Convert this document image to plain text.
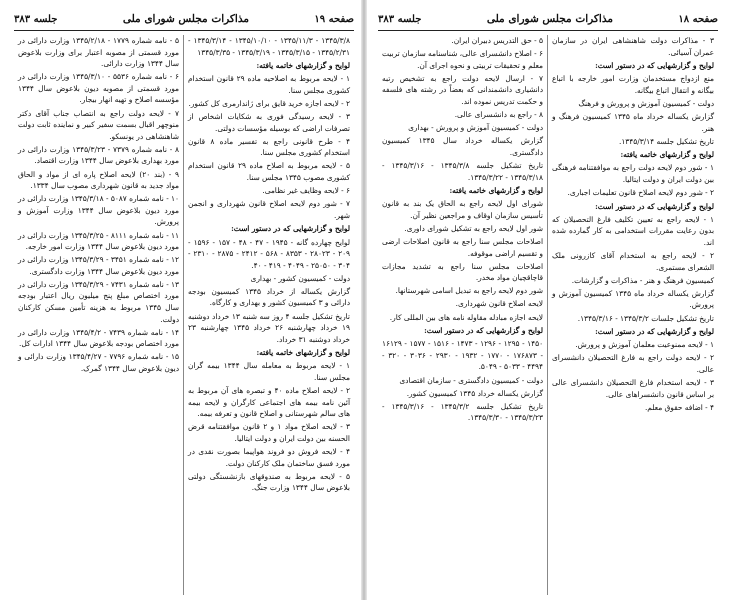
صفحه ۱۹
مذاکرات مجلس شورای ملی
جلسه ۳۸۳

۱۳۴۵/۳/۸ - ۱۳۴۵/۱۱/۳ - ۱۳۴۵/۱۰/۱۰ - ۱۳۴۵/۳/۱۴ - ۱۳۴۵/۲/۳۱ - ۱۳۴۵/۳/۱۵ - ۱۳۴۵/۳/۱۹ - ۱۳۴۵/۳/۳۵

لوایح و گزارشهای خاتمه یافته:

۱ - لایحه مربوط به اصلاحیه ماده ۲۹ قانون استخدام کشوری مجلس سنا.

۲ - لایحه اجازه خرید قایق برای ژاندارمری کل کشور.

۳ - لایحه رسیدگی فوری به شکایات اشخاص از تصرفات اراضی که بوسیله مؤسسات دولتی.

۴ - طرح قانونی راجع به تفسیر ماده ۸ قانون استخدام کشوری مجلس سنا.

۵ - لایحه مربوط به اصلاح ماده ۲۹ قانون استخدام کشوری مصوب ۱۳۴۵ مجلس سنا.

۶ - لایحه وظایف غیر نظامی.

۷ - شور دوم لایحه اصلاح قانون شهرداری و انجمن شهر.

لوایح و گزارشهایی که در دستور است:

لوایح چهارده گانه - ۱۹۴۵ - ۴۷ - ۴۸ - ۱۵۷ - ۱۵۹۶ - ۲۰۹ - ۲۸۰۲۳ - ۸۳۵۳ - ۵۶۸ - ۲۴۱۲ - ۲۸۷۵ - ۲۳۱۰ - ۳۰۴ - ۲۵۰۵۰ - ۴۰۴۹ - ۴۱۹ - ۴۰.

دولت - کمیسیون کشور - بهداری

گزارش یکساله از خرداد ۱۳۴۵ کمیسیون بودجه دارائی و ۳ کمیسیون کشور و بهداری و کارگاه.

تاریخ تشکیل جلسه ۴ روز سه شنبه ۱۳ خرداد دوشنبه ۱۹ خرداد چهارشنبه ۲۶ خرداد ۱۳۴۵ چهارشنبه ۲۳ خرداد دوشنبه ۳۱ خرداد.

لوایح و گزارشهای خاتمه یافته:

۱ - لایحه مربوط به معامله سال ۱۳۴۴ بیمه گران مجلس سنا.

۲ - لایحه اصلاح ماده ۴۰ و تبصره های آن مربوط به آئین نامه بیمه های اجتماعی کارگران و لایحه بیمه های سالم شهرستانی و اصلاح قانون و تعرفه بیمه.

۳ - لایحه اصلاح مواد ۱ و ۲ قانون موافقتنامه قرض الحسنه بین دولت ایران و دولت ایتالیا.

۴ - لایحه فروش دو فروند هواپیما بصورت نقدی در مورد فسق ساختمان ملک کارکنان دولت.

۵ - لایحه مربوط به صندوقهای بازنشستگی دولتی بلاعوض سال ۱۳۴۴ وزارت جنگ.

۵ - نامه شماره ۱۷۷۹ - ۱۳۴۵/۲/۱۸ وزارت دارائی در مورد قسمتی از مصوبه اعتبار برای وزارت بلاعوض سال ۱۳۴۴ وزارت دارائی.

۶ - نامه شماره ۵۵۳۶ - ۱۳۴۵/۳/۱۰ وزارت دارائی در مورد قسمتی از مصوبه دیون بلاعوض سال ۱۳۴۴ مؤسسه اصلاح و تهیه انهار بیجار.

۷ - لایحه دولت راجع به انتصاب جناب آقای دکتر منوچهر اقبال بسمت سفیر کبیر و نماینده ثابت دولت شاهنشاهی در یونسکو.

۸ - نامه شماره ۷۳۷۹ - ۱۳۴۵/۳/۲۳ وزارت دارائی در مورد بهداری بلاعوض سال ۱۳۴۴ وزارت اقتصاد.

۹ - (بند ۲۰) لایحه اصلاح پاره ای از مواد و الحاق مواد جدید به قانون شهرداری مصوب سال ۱۳۳۴.

۱۰ - نامه شماره ۵۰۸۷ - ۱۳۴۵/۳/۱۸ وزارت دارائی در مورد دیون بلاعوض سال ۱۳۴۴ وزارت آموزش و پرورش.

۱۱ - نامه شماره ۸۱۱۱ - ۱۳۴۵/۳/۲۵ وزارت دارائی در مورد دیون بلاعوض سال ۱۳۴۴ وزارت امور خارجه.

۱۲ - نامه شماره ۳۴۵۱ - ۱۳۴۵/۳/۲۹ وزارت دارائی در مورد دیون بلاعوض سال ۱۳۴۴ وزارت دادگستری.

۱۳ - نامه شماره ۷۴۳۱ - ۱۳۴۵/۳/۲۹ وزارت دارائی در مورد اختصاص مبلغ پنج میلیون ریال اعتبار بودجه سال ۱۳۴۵ مربوط به هزینه تأمین مسکن کارکنان دولت.

۱۴ - نامه شماره ۷۴۳۹ - ۱۳۴۵/۴/۲ وزارت دارائی در مورد اختصاص بودجه بلاعوض سال ۱۳۴۴ ادارات کل.

۱۵ - نامه شماره ۷۷۹۶ - ۱۳۴۵/۴/۲۷ وزارت دارائی و دیون بلاعوض سال ۱۳۴۴ گمرک.

صفحه ۱۸
مذاکرات مجلس شورای ملی
جلسه ۳۸۳

۳ - مذاکرات دولت شاهنشاهی ایران در سازمان عمران آسیائی.

لوایح و گزارشهایی که در دستور است:

منع ازدواج مستخدمان وزارت امور خارجه با اتباع بیگانه و انتقال اتباع بیگانه.

دولت - کمیسیون آموزش و پرورش و فرهنگ

گزارش یکساله خرداد ماه ۱۳۴۵ کمیسیون فرهنگ و هنر.

تاریخ تشکیل جلسه ۱۳۴۵/۳/۱۴.

لوایح و گزارشهای خاتمه یافته:

۱ - شور دوم لایحه دولت راجع به موافقتنامه فرهنگی بین دولت ایران و دولت ایتالیا.

۲ - شور دوم لایحه اصلاح قانون تعلیمات اجباری.

لوایح و گزارشهایی که در دستور است:

۱ - لایحه راجع به تعیین تکلیف فارغ التحصیلان که بدون رعایت مقررات استخدامی به کار گمارده شده اند.

۲ - لایحه راجع به استخدام آقای کازرونی ملک الشعرای مستمری.

کمیسیون فرهنگ و هنر - مذاکرات و گزارشات.

گزارش یکساله خرداد ماه ۱۳۴۵ کمیسیون آموزش و پرورش.

تاریخ تشکیل جلسات ۱۳۴۵/۳/۲ - ۱۳۴۵/۳/۱۶.

لوایح و گزارشهایی که در دستور است:

۱ - لایحه ممنوعیت معلمان آموزش و پرورش.

۲ - لایحه دولت راجع به فارغ التحصیلان دانشسرای عالی.

۳ - لایحه استخدام فارغ التحصیلان دانشسرای عالی بر اساس قانون دانشسراهای عالی.

۴ - اضافه حقوق معلم.

۵ - حق التدریس دبیران ایران.

۶ - اصلاح دانشسرای عالی، شناسنامه سازمان تربیت معلم و تحقیقات تربیتی و نحوه اجرای آن.

۷ - ارسال لایحه دولت راجع به تشخیص رتبه دانشیاری دانشمندانی که بعضاً در رشته های فلسفه و حکمت تدریس نموده اند.

۸ - راجع به دانشسرای عالی.

دولت - کمیسیون آموزش و پرورش - بهداری

گزارش یکساله خرداد سال ۱۳۴۵ کمیسیون دادگستری.

تاریخ تشکیل جلسه ۱۳۴۵/۳/۸ - ۱۳۴۵/۳/۱۶ - ۱۳۴۵/۳/۱۸ - ۱۳۴۵/۳/۲۲.

لوایح و گزارشهای خاتمه یافته:

شورای اول لایحه راجع به الحاق یک بند به قانون تأسیس سازمان اوقاف و مراجعین نظیر آن.

شور اول لایحه راجع به تشکیل شورای داوری.

اصلاحات مجلس سنا راجع به قانون اصلاحات ارضی و تقسیم اراضی موقوفه.

اصلاحات مجلس سنا راجع به تشدید مجازات قاچاقچیان مواد مخدر.

شور دوم لایحه راجع به تبدیل اسامی شهرستانها.

لایحه اصلاح قانون شهرداری.

لایحه اجازه مبادله مقاوله نامه های بین المللی کار.

لوایح و گزارشهایی که در دستور است:

۱۴۵۰ - ۱۲۹۵ - ۱۲۹۶ - ۱۴۷۳ - ۱۵۱۶ - ۱۵۷۷ - ۱۶۱۲۹ - ۱۷۶۸۷۳ - ۱۷۷۰ - ۱۹۳۲ - ۲۹۳۰ - ۳۰۳۶ - ۳۲۰ - ۴۴۹۴ - ۵۰۳۳ - ۵۰۴۹.

دولت - کمیسیون دادگستری - سازمان اقتصادی

گزارش یکساله خرداد ۱۳۴۵ کمیسیون کشور.

تاریخ تشکیل جلسه ۱۳۴۵/۳/۲ - ۱۳۴۵/۳/۱۶ - ۱۳۴۵/۳/۲۳ - ۱۳۴۵/۳/۳۰.
